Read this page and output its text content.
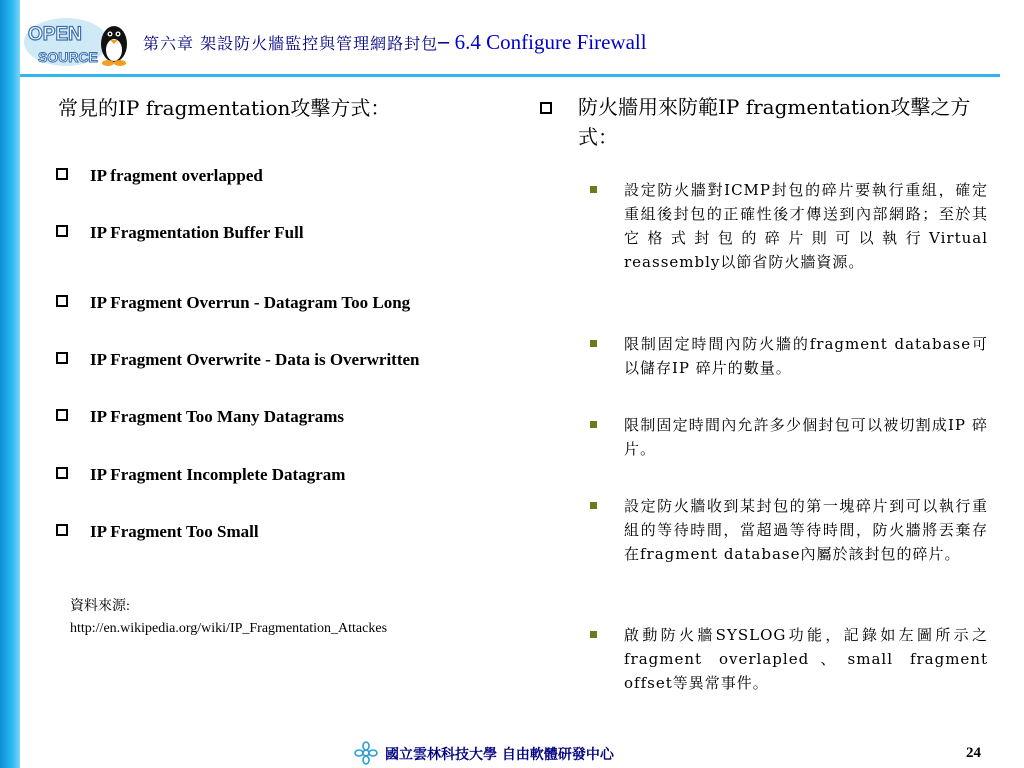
OPEN
SOURCE
第六章 架設防火牆監控與管理網路封包─ 6.4 Configure Firewall
常見的IP fragmentation攻擊方式：
IP fragment overlapped
IP Fragmentation Buffer Full
IP Fragment Overrun - Datagram Too Long
IP Fragment Overwrite - Data is Overwritten
IP Fragment Too Many Datagrams
IP Fragment Incomplete Datagram
IP Fragment Too Small
資料來源:
http://en.wikipedia.org/wiki/IP_Fragmentation_Attackes
防火牆用來防範IP fragmentation攻擊之方式：
設定防火牆對ICMP封包的碎片要執行重組，確定重組後封包的正確性後才傳送到內部網路；至於其它格式封包的碎片則可以執行Virtual reassembly以節省防火牆資源。
限制固定時間內防火牆的fragment database可以儲存IP 碎片的數量。
限制固定時間內允許多少個封包可以被切割成IP 碎片。
設定防火牆收到某封包的第一塊碎片到可以執行重組的等待時間，當超過等待時間，防火牆將丟棄存在fragment database內屬於該封包的碎片。
啟動防火牆SYSLOG功能，記錄如左圖所示之fragment overlapled、small fragment offset等異常事件。
國立雲林科技大學 自由軟體研發中心	24
